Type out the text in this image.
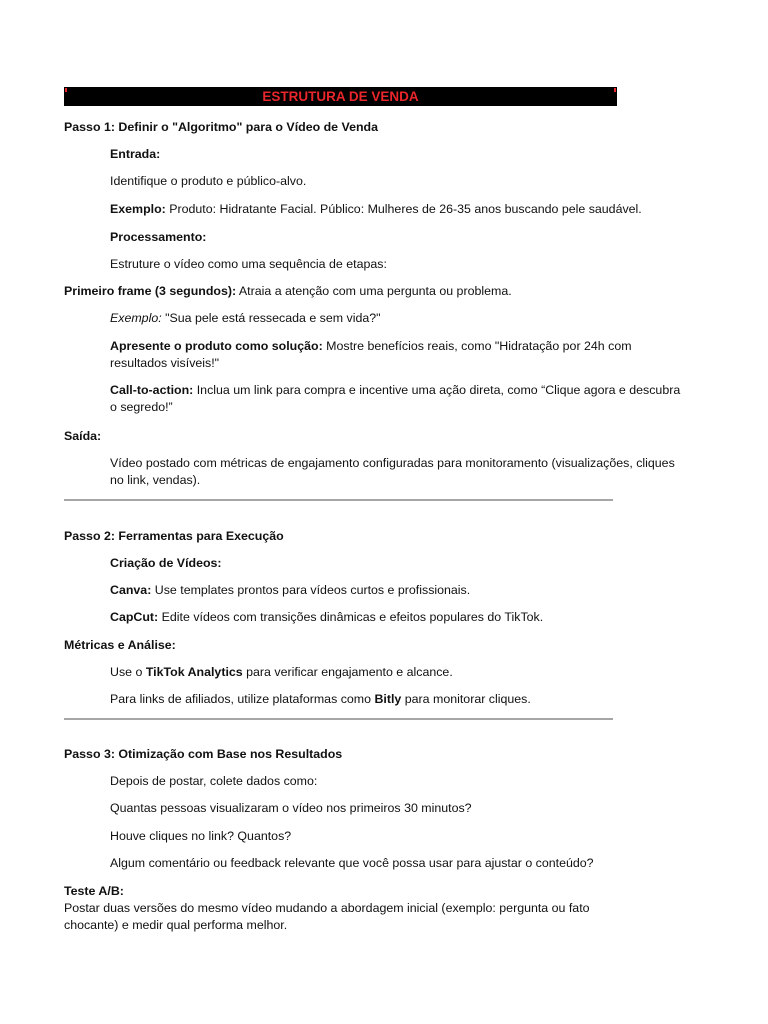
ESTRUTURA DE VENDA
Passo 1: Definir o "Algoritmo" para o Vídeo de Venda
Entrada:
Identifique o produto e público-alvo.
Exemplo: Produto: Hidratante Facial. Público: Mulheres de 26-35 anos buscando pele saudável.
Processamento:
Estruture o vídeo como uma sequência de etapas:
Primeiro frame (3 segundos): Atraia a atenção com uma pergunta ou problema.
Exemplo: "Sua pele está ressecada e sem vida?"
Apresente o produto como solução: Mostre benefícios reais, como "Hidratação por 24h com resultados visíveis!"
Call-to-action: Inclua um link para compra e incentive uma ação direta, como “Clique agora e descubra o segredo!”
Saída:
Vídeo postado com métricas de engajamento configuradas para monitoramento (visualizações, cliques no link, vendas).
Passo 2: Ferramentas para Execução
Criação de Vídeos:
Canva: Use templates prontos para vídeos curtos e profissionais.
CapCut: Edite vídeos com transições dinâmicas e efeitos populares do TikTok.
Métricas e Análise:
Use o TikTok Analytics para verificar engajamento e alcance.
Para links de afiliados, utilize plataformas como Bitly para monitorar cliques.
Passo 3: Otimização com Base nos Resultados
Depois de postar, colete dados como:
Quantas pessoas visualizaram o vídeo nos primeiros 30 minutos?
Houve cliques no link? Quantos?
Algum comentário ou feedback relevante que você possa usar para ajustar o conteúdo?
Teste A/B:
Postar duas versões do mesmo vídeo mudando a abordagem inicial (exemplo: pergunta ou fato chocante) e medir qual performa melhor.
